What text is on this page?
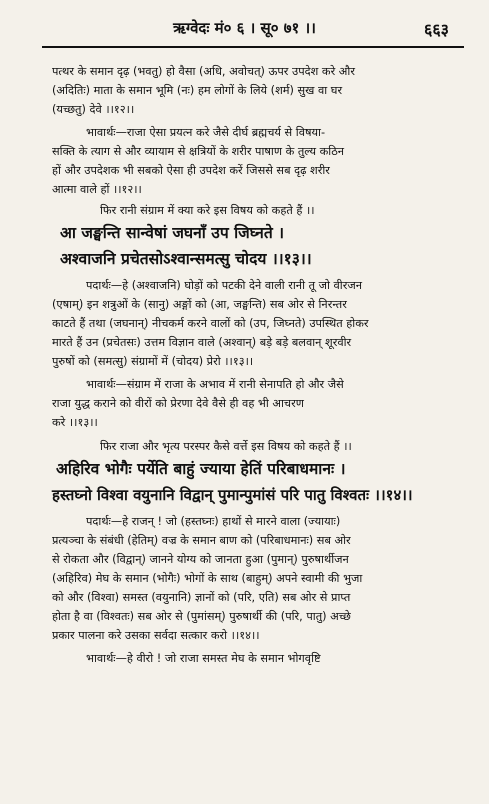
ऋग्वेदः मं० ६ । सू० ७१ ।।	६६३

पत्थर के समान दृढ़ (भवतु) हो वैसा (अधि, अवोचत्) ऊपर उपदेश करे और

(अदितिः) माता के समान भूमि (नः) हम लोगों के लिये (शर्म) सुख वा घर

(यच्छतु) देवे ।।१२।।

भावार्थः—राजा ऐसा प्रयत्न करे जैसे दीर्घ ब्रह्मचर्य से विषया-

सक्ति के त्याग से और व्यायाम से क्षत्रियों के शरीर पाषाण के तुल्य कठिन

हों और उपदेशक भी सबको ऐसा ही उपदेश करें जिससे सब दृढ़ शरीर

आत्मा वाले हों ।।१२।।

फिर रानी संग्राम में क्या करे इस विषय को कहते हैं ।।

आ जङ्घन्ति सान्वेषां जघनाँ उप जिघ्नते ।

अश्वाजनि प्रचेतसोऽश्वान्समत्सु चोदय ।।१३।।

पदार्थः—हे (अश्वाजनि) घोड़ों को पटकी देने वाली रानी तू जो वीरजन

(एषाम्) इन शत्रुओं के (सानु) अङ्गों को (आ, जङ्घन्ति) सब ओर से निरन्तर

काटते हैं तथा (जघनान्) नीचकर्म करने वालों को (उप, जिघ्नते) उपस्थित होकर

मारते हैं उन (प्रचेतसः) उत्तम विज्ञान वाले (अश्वान्) बड़े बड़े बलवान् शूरवीर

पुरुषों को (समत्सु) संग्रामों में (चोदय) प्रेरो ।।१३।।

भावार्थः—संग्राम में राजा के अभाव में रानी सेनापति हो और जैसे

राजा युद्ध कराने को वीरों को प्रेरणा देवे वैसे ही वह भी आचरण

करे ।।१३।।

फिर राजा और भृत्य परस्पर कैसे वर्त्ते इस विषय को कहते हैं ।।

अहिरिव भोगैः पर्येति बाहुं ज्याया हेतिं परिबाधमानः ।

हस्तघ्नो विश्वा वयुनानि विद्वान् पुमान्पुमांसं परि पातु विश्वतः ।।१४।।

पदार्थः—हे राजन् ! जो (हस्तघ्नः) हाथों से मारने वाला (ज्यायाः)

प्रत्यञ्चा के संबंधी (हेतिम्) वज्र के समान बाण को (परिबाधमानः) सब ओर

से रोकता और (विद्वान्) जानने योग्य को जानता हुआ (पुमान्) पुरुषार्थीजन

(अहिरिव) मेघ के समान (भोगैः) भोगों के साथ (बाहुम्) अपने स्वामी की भुजा

को और (विश्वा) समस्त (वयुनानि) ज्ञानों को (परि, एति) सब ओर से प्राप्त

होता है वा (विश्वतः) सब ओर से (पुमांसम्) पुरुषार्थी की (परि, पातु) अच्छे

प्रकार पालना करे उसका सर्वदा सत्कार करो ।।१४।।

भावार्थः—हे वीरो ! जो राजा समस्त मेघ के समान भोगवृष्टि
